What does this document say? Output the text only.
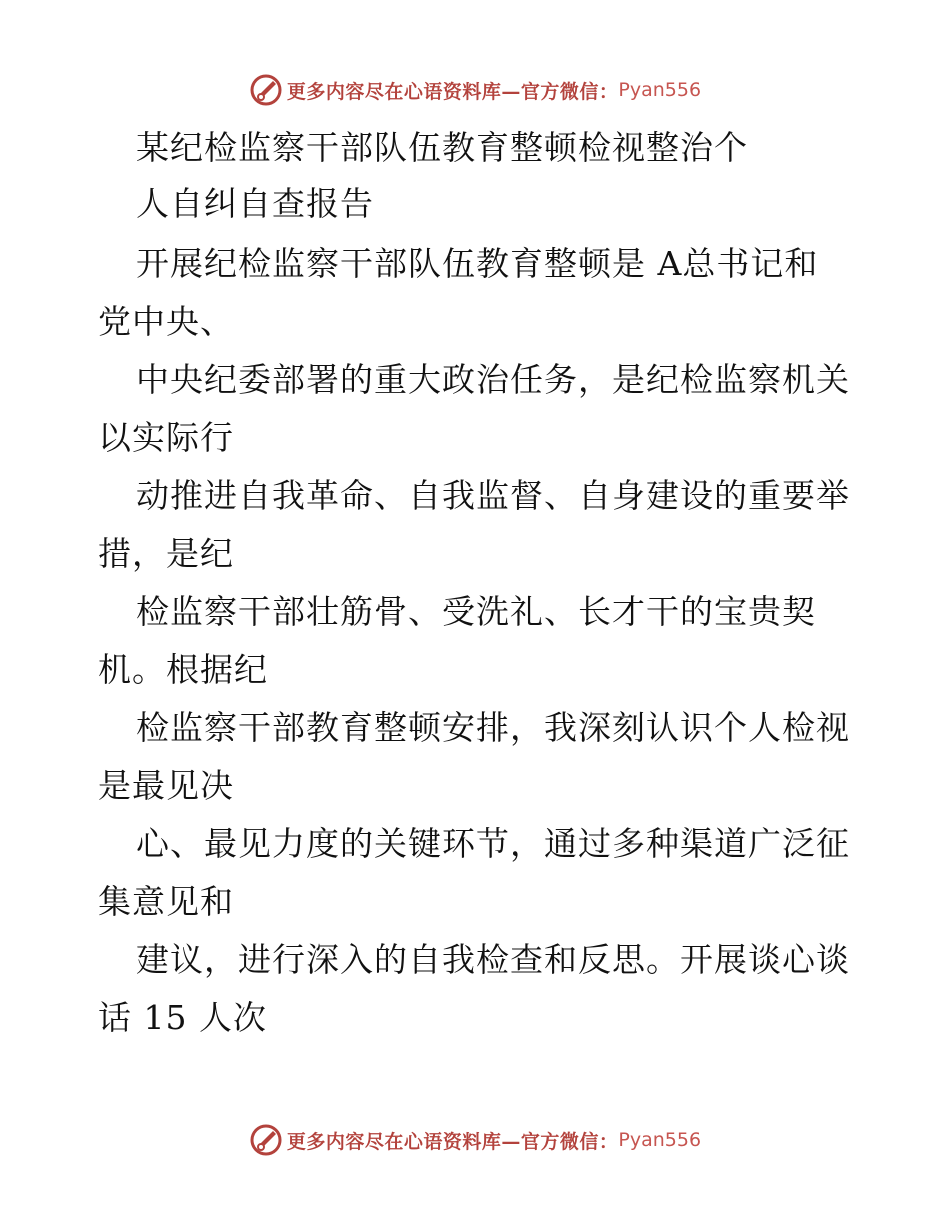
更多内容尽在心语资料库—官方微信： Pyan556
某纪检监察干部队伍教育整顿检视整治个
人自纠自查报告
开展纪检监察干部队伍教育整顿是 A总书记和
党中央、
中央纪委部署的重大政治任务，是纪检监察机关
以实际行
动推进自我革命、自我监督、自身建设的重要举
措，是纪
检监察干部壮筋骨、受洗礼、长才干的宝贵契
机。根据纪
检监察干部教育整顿安排，我深刻认识个人检视
是最见决
心、最见力度的关键环节，通过多种渠道广泛征
集意见和
建议，进行深入的自我检查和反思。开展谈心谈
话 15 人次
更多内容尽在心语资料库—官方微信： Pyan556
